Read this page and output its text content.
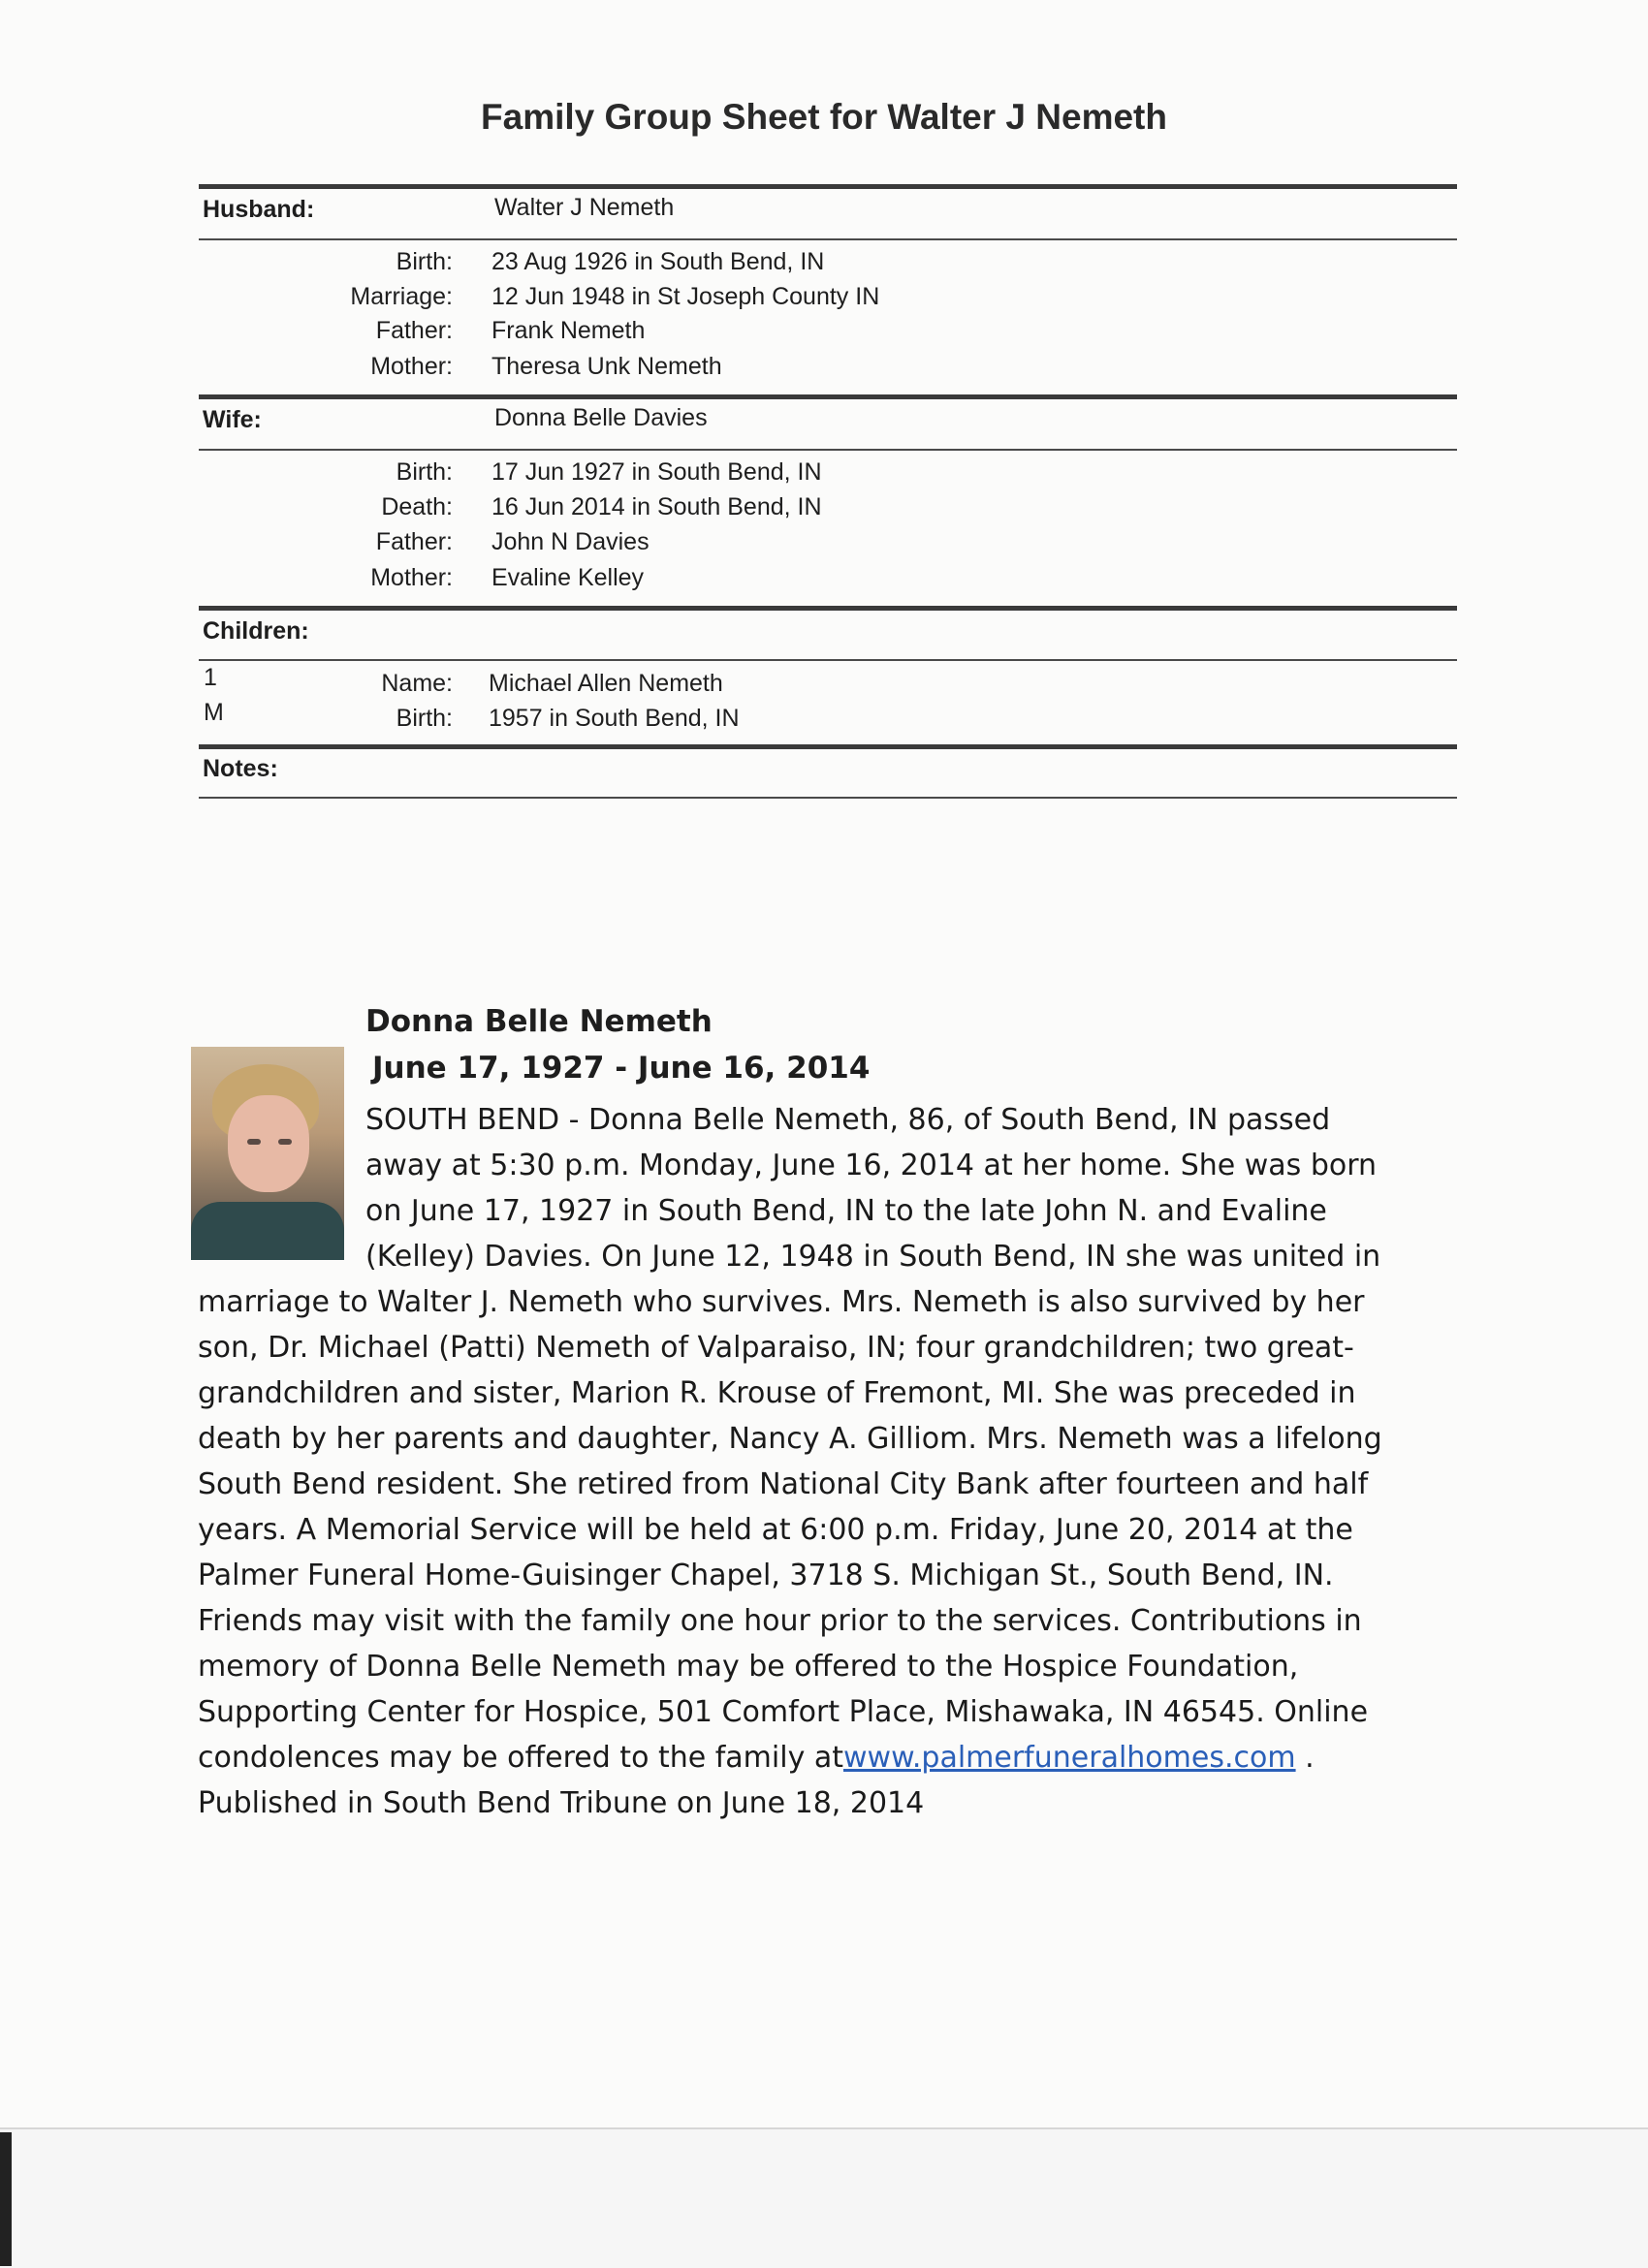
Family Group Sheet for Walter J Nemeth
Husband:	Walter J Nemeth
Birth: 23 Aug 1926 in South Bend, IN
Marriage: 12 Jun 1948 in St Joseph County IN
Father: Frank Nemeth
Mother: Theresa Unk Nemeth
Wife:	Donna Belle Davies
Birth: 17 Jun 1927 in South Bend, IN
Death: 16 Jun 2014 in South Bend, IN
Father: John N Davies
Mother: Evaline Kelley
Children:
1
M
Name: Michael Allen Nemeth
Birth: 1957 in South Bend, IN
Notes:
Donna Belle Nemeth
June 17, 1927 - June 16, 2014
SOUTH BEND - Donna Belle Nemeth, 86, of South Bend, IN passed
away at 5:30 p.m. Monday, June 16, 2014 at her home. She was born
on June 17, 1927 in South Bend, IN to the late John N. and Evaline
(Kelley) Davies. On June 12, 1948 in South Bend, IN she was united in
marriage to Walter J. Nemeth who survives. Mrs. Nemeth is also survived by her
son, Dr. Michael (Patti) Nemeth of Valparaiso, IN; four grandchildren; two great-
grandchildren and sister, Marion R. Krouse of Fremont, MI. She was preceded in
death by her parents and daughter, Nancy A. Gilliom. Mrs. Nemeth was a lifelong
South Bend resident. She retired from National City Bank after fourteen and half
years. A Memorial Service will be held at 6:00 p.m. Friday, June 20, 2014 at the
Palmer Funeral Home-Guisinger Chapel, 3718 S. Michigan St., South Bend, IN.
Friends may visit with the family one hour prior to the services. Contributions in
memory of Donna Belle Nemeth may be offered to the Hospice Foundation,
Supporting Center for Hospice, 501 Comfort Place, Mishawaka, IN 46545. Online
condolences may be offered to the family atwww.palmerfuneralhomes.com .
Published in South Bend Tribune on June 18, 2014
